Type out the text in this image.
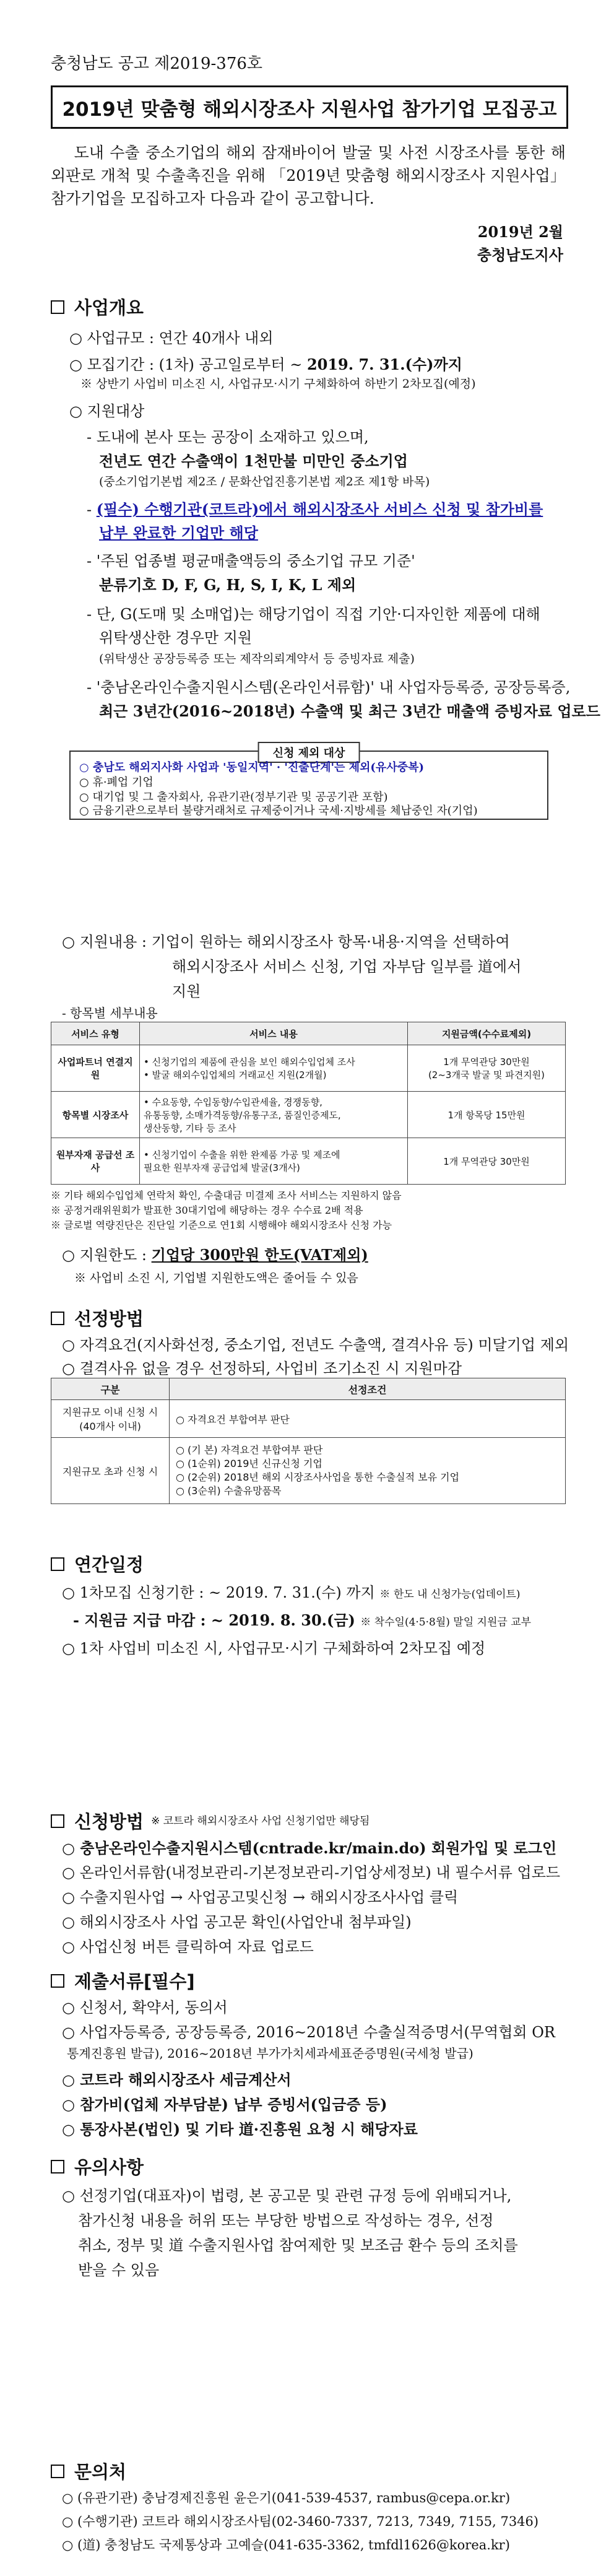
충청남도 공고 제2019-376호
2019년 맞춤형 해외시장조사 지원사업 참가기업 모집공고
도내 수출 중소기업의 해외 잠재바이어 발굴 및 사전 시장조사를 통한 해외판로 개척 및 수출촉진을 위해 「2019년 맞춤형 해외시장조사 지원사업」 참가기업을 모집하고자 다음과 같이 공고합니다.
2019년 2월
충청남도지사
사업개요
○ 사업규모 : 연간 40개사 내외
○ 모집기간 : (1차) 공고일로부터 ~ 2019. 7. 31.(수)까지
※ 상반기 사업비 미소진 시, 사업규모·시기 구체화하여 하반기 2차모집(예정)
○ 지원대상
- 도내에 본사 또는 공장이 소재하고 있으며,
전년도 연간 수출액이 1천만불 미만인 중소기업
(중소기업기본법 제2조 / 문화산업진흥기본법 제2조 제1항 바목)
- (필수) 수행기관(코트라)에서 해외시장조사 서비스 신청 및 참가비를
납부 완료한 기업만 해당
- '주된 업종별 평균매출액등의 중소기업 규모 기준'
분류기호 D, F, G, H, S, I, K, L 제외
- 단, G(도매 및 소매업)는 해당기업이 직접 기안·디자인한 제품에 대해
위탁생산한 경우만 지원
(위탁생산 공장등록증 또는 제작의뢰계약서 등 증빙자료 제출)
- '충남온라인수출지원시스템(온라인서류함)' 내 사업자등록증, 공장등록증,
최근 3년간(2016~2018년) 수출액 및 최근 3년간 매출액 증빙자료 업로드
신청 제외 대상
○ 충남도 해외지사화 사업과 '동일지역' · '진출단계'는 제외(유사중복)
○ 휴·폐업 기업
○ 대기업 및 그 출자회사, 유관기관(정부기관 및 공공기관 포함)
○ 금융기관으로부터 불량거래처로 규제중이거나 국세·지방세를 체납중인 자(기업)
○ 지원내용 : 기업이 원하는 해외시장조사 항목·내용·지역을 선택하여
해외시장조사 서비스 신청, 기업 자부담 일부를 道에서
지원
- 항목별 세부내용
서비스 유형	서비스 내용	지원금액(수수료제외)
사업파트너 연결지원	• 신청기업의 제품에 관심을 보인 해외수입업체 조사
• 발굴 해외수입업체의 거래교신 지원(2개월)	1개 무역관당 30만원
(2~3개국 발굴 및 파견지원)
항목별 시장조사	• 수요동향, 수입동향/수입관세율, 경쟁동향,
유통동향, 소매가격동향/유통구조, 품질인증제도,
생산동향, 기타 등 조사	1개 항목당 15만원
원부자재 공급선 조사	• 신청기업이 수출을 위한 완제품 가공 및 제조에
필요한 원부자재 공급업체 발굴(3개사)	1개 무역관당 30만원
※ 기타 해외수입업체 연락처 확인, 수출대금 미결제 조사 서비스는 지원하지 않음
※ 공정거래위원회가 발표한 30대기업에 해당하는 경우 수수료 2배 적용
※ 글로벌 역량진단은 진단일 기준으로 연1회 시행해야 해외시장조사 신청 가능
○ 지원한도 : 기업당 300만원 한도(VAT제외)
※ 사업비 소진 시, 기업별 지원한도액은 줄어들 수 있음
선정방법
○ 자격요건(지사화선정, 중소기업, 전년도 수출액, 결격사유 등) 미달기업 제외
○ 결격사유 없을 경우 선정하되, 사업비 조기소진 시 지원마감
구분	선정조건
지원규모 이내 신청 시
(40개사 이내)	○ 자격요건 부합여부 판단
지원규모 초과 신청 시	○ (기 본) 자격요건 부합여부 판단
○ (1순위) 2019년 신규신청 기업
○ (2순위) 2018년 해외 시장조사사업을 통한 수출실적 보유 기업
○ (3순위) 수출유망품목
연간일정
○ 1차모집 신청기한 : ~ 2019. 7. 31.(수) 까지 ※ 한도 내 신청가능(업데이트)
- 지원금 지급 마감 : ~ 2019. 8. 30.(금) ※ 착수일(4·5·8월) 말일 지원금 교부
○ 1차 사업비 미소진 시, 사업규모·시기 구체화하여 2차모집 예정
신청방법 ※ 코트라 해외시장조사 사업 신청기업만 해당됨
○ 충남온라인수출지원시스템(cntrade.kr/main.do) 회원가입 및 로그인
○ 온라인서류함(내정보관리-기본정보관리-기업상세정보) 내 필수서류 업로드
○ 수출지원사업 → 사업공고및신청 → 해외시장조사사업 클릭
○ 해외시장조사 사업 공고문 확인(사업안내 첨부파일)
○ 사업신청 버튼 클릭하여 자료 업로드
제출서류[필수]
○ 신청서, 확약서, 동의서
○ 사업자등록증, 공장등록증, 2016~2018년 수출실적증명서(무역협회 OR
통계진흥원 발급), 2016~2018년 부가가치세과세표준증명원(국세청 발급)
○ 코트라 해외시장조사 세금계산서
○ 참가비(업체 자부담분) 납부 증빙서(입금증 등)
○ 통장사본(법인) 및 기타 道·진흥원 요청 시 해당자료
유의사항
○ 선정기업(대표자)이 법령, 본 공고문 및 관련 규정 등에 위배되거나,
참가신청 내용을 허위 또는 부당한 방법으로 작성하는 경우, 선정
취소, 정부 및 道 수출지원사업 참여제한 및 보조금 환수 등의 조치를
받을 수 있음
문의처
○ (유관기관) 충남경제진흥원 윤은기(041-539-4537, rambus@cepa.or.kr)
○ (수행기관) 코트라 해외시장조사팀(02-3460-7337, 7213, 7349, 7155, 7346)
○ (道) 충청남도 국제통상과 고예슬(041-635-3362, tmfdl1626@korea.kr)
